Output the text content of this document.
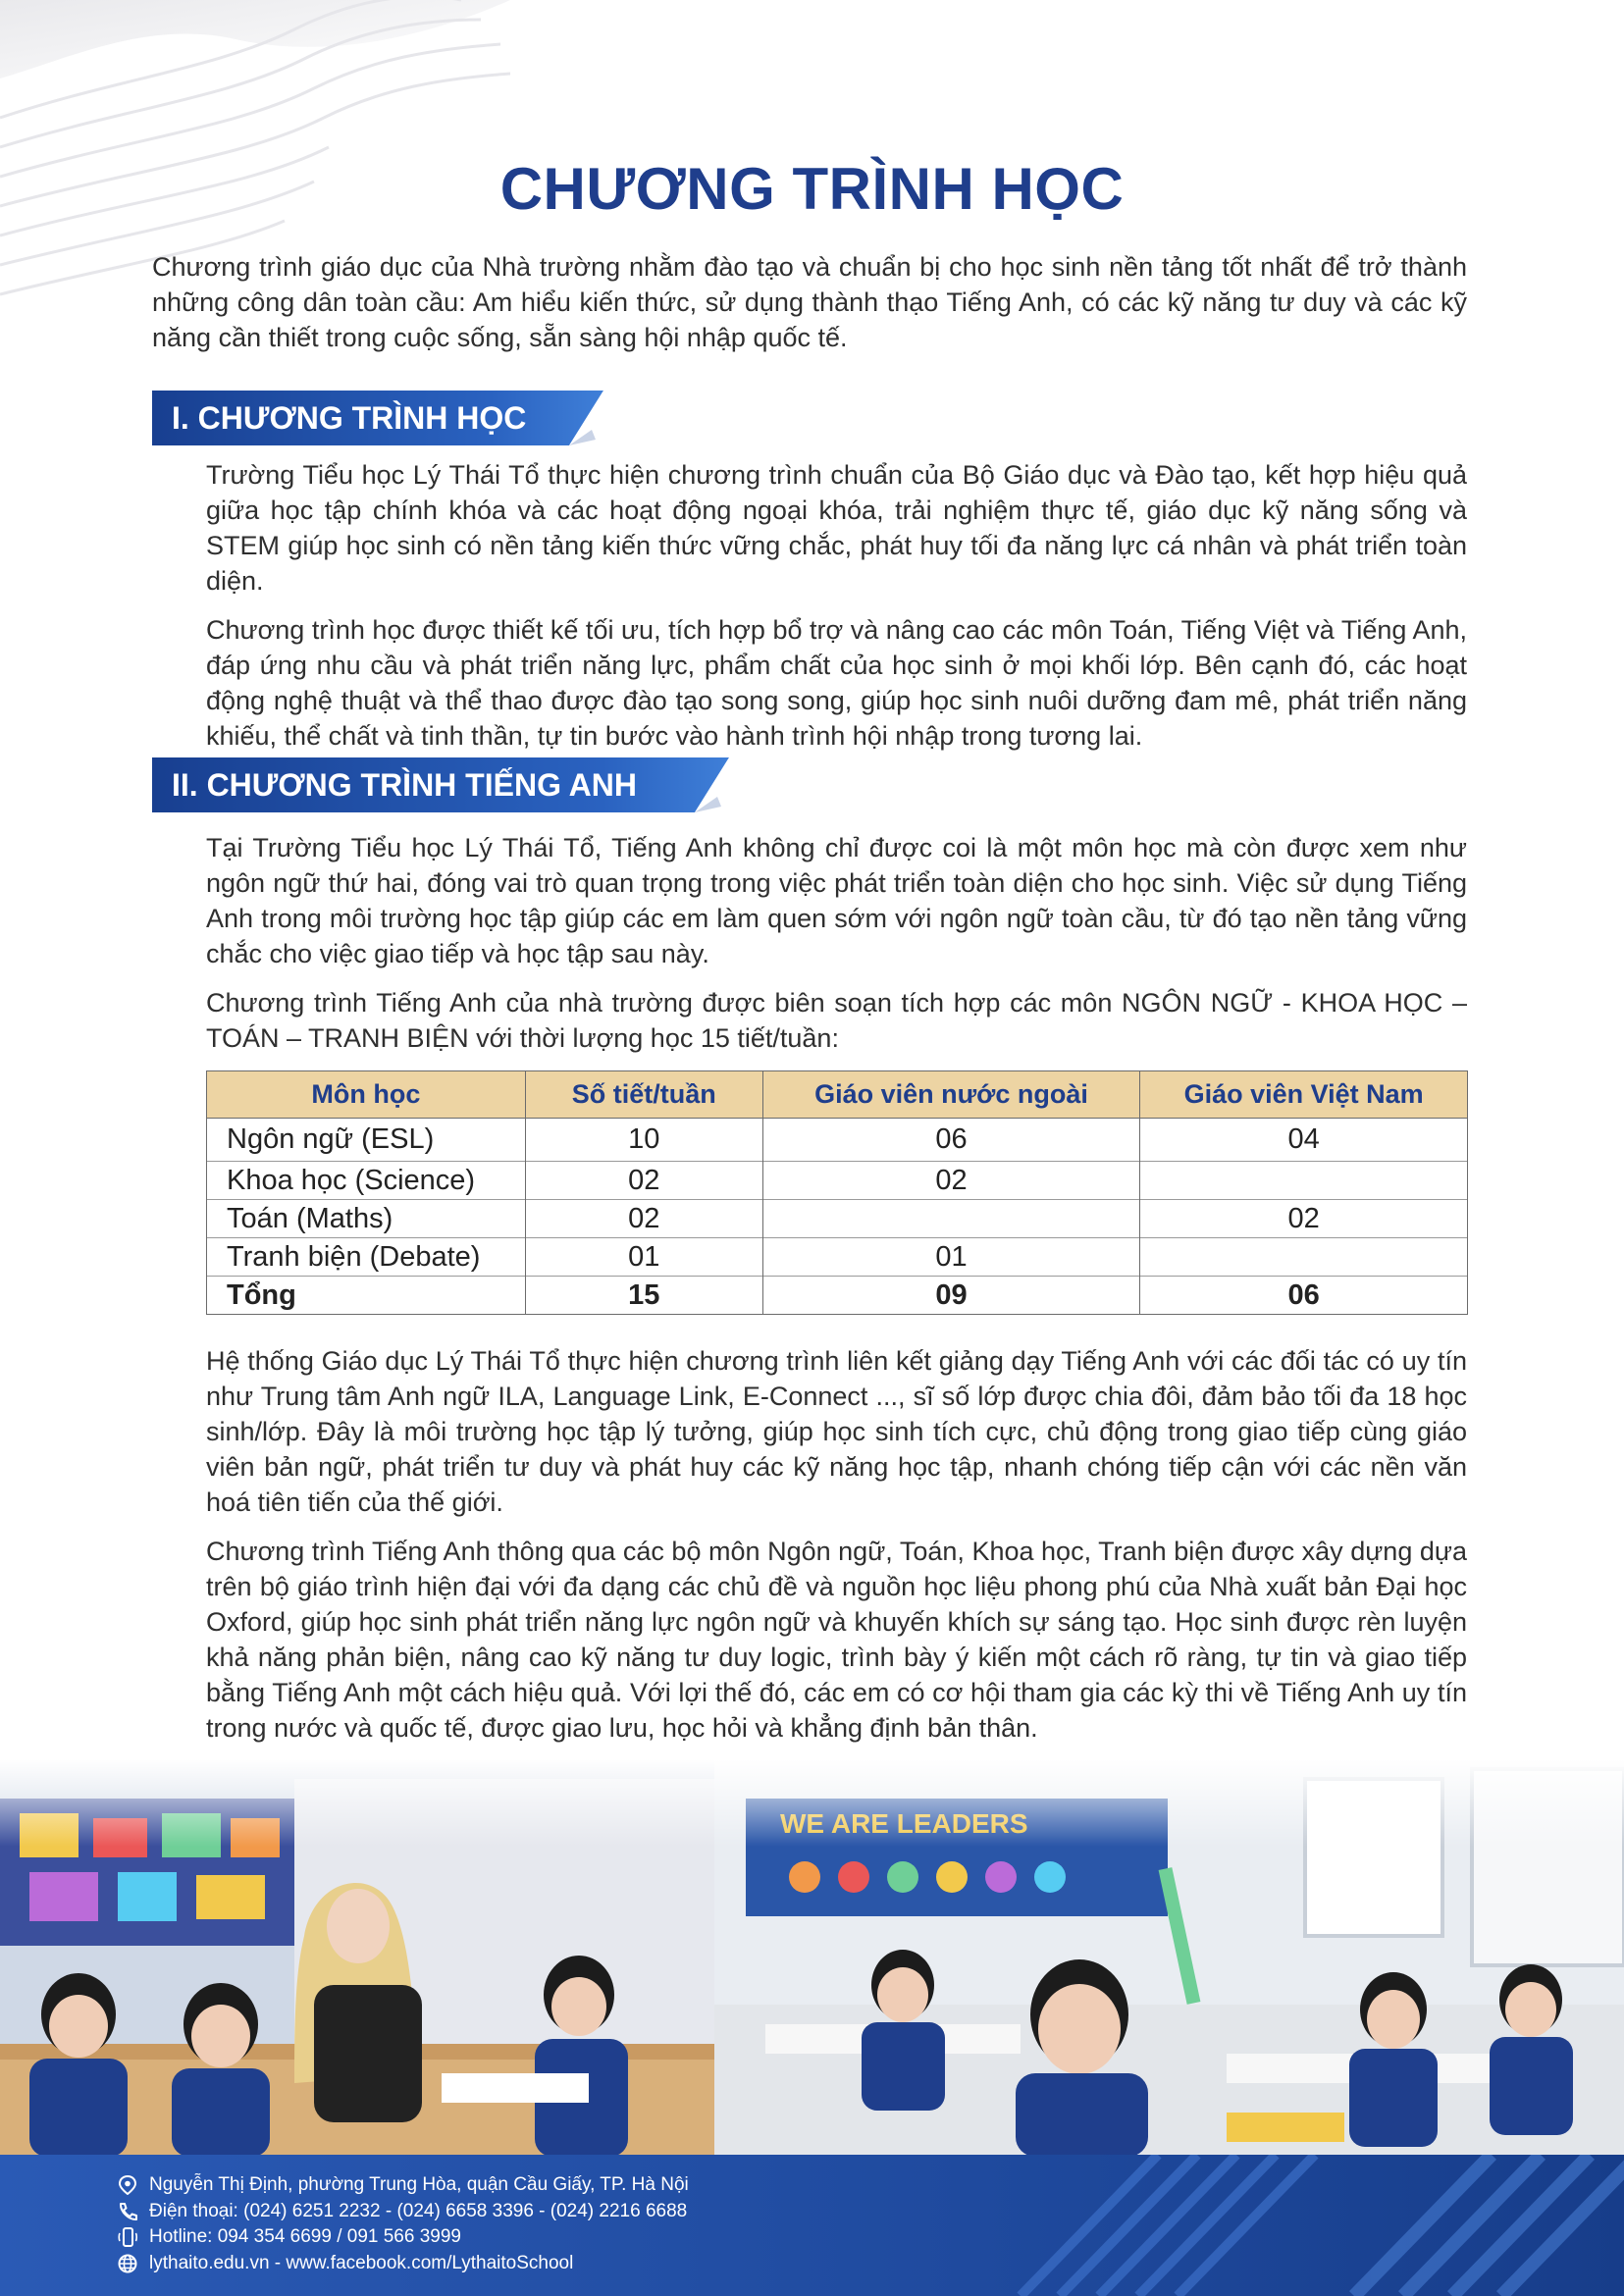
CHƯƠNG TRÌNH HỌC

Chương trình giáo dục của Nhà trường nhằm đào tạo và chuẩn bị cho học sinh nền tảng tốt nhất để trở thành những công dân toàn cầu: Am hiểu kiến thức, sử dụng thành thạo Tiếng Anh, có các kỹ năng tư duy và các kỹ năng cần thiết trong cuộc sống, sẵn sàng hội nhập quốc tế.

I. CHƯƠNG TRÌNH HỌC

Trường Tiểu học Lý Thái Tổ thực hiện chương trình chuẩn của Bộ Giáo dục và Đào tạo, kết hợp hiệu quả giữa học tập chính khóa và các hoạt động ngoại khóa, trải nghiệm thực tế, giáo dục kỹ năng sống và STEM giúp học sinh có nền tảng kiến thức vững chắc, phát huy tối đa năng lực cá nhân và phát triển toàn diện.

Chương trình học được thiết kế tối ưu, tích hợp bổ trợ và nâng cao các môn Toán, Tiếng Việt và Tiếng Anh, đáp ứng nhu cầu và phát triển năng lực, phẩm chất của học sinh ở mọi khối lớp. Bên cạnh đó, các hoạt động nghệ thuật và thể thao được đào tạo song song, giúp học sinh nuôi dưỡng đam mê, phát triển năng khiếu, thể chất và tinh thần, tự tin bước vào hành trình hội nhập trong tương lai.

II. CHƯƠNG TRÌNH TIẾNG ANH

Tại Trường Tiểu học Lý Thái Tổ, Tiếng Anh không chỉ được coi là một môn học mà còn được xem như ngôn ngữ thứ hai, đóng vai trò quan trọng trong việc phát triển toàn diện cho học sinh. Việc sử dụng Tiếng Anh trong môi trường học tập giúp các em làm quen sớm với ngôn ngữ toàn cầu, từ đó tạo nền tảng vững chắc cho việc giao tiếp và học tập sau này.

Chương trình Tiếng Anh của nhà trường được biên soạn tích hợp các môn NGÔN NGỮ - KHOA HỌC – TOÁN – TRANH BIỆN với thời lượng học 15 tiết/tuần:

Môn học	Số tiết/tuần	Giáo viên nước ngoài	Giáo viên Việt Nam
Ngôn ngữ (ESL)	10	06	04
Khoa học (Science)	02	02	
Toán (Maths)	02		02
Tranh biện (Debate)	01	01	
Tổng	15	09	06

Hệ thống Giáo dục Lý Thái Tổ thực hiện chương trình liên kết giảng dạy Tiếng Anh với các đối tác có uy tín như Trung tâm Anh ngữ ILA, Language Link, E-Connect ..., sĩ số lớp được chia đôi, đảm bảo tối đa 18 học sinh/lớp. Đây là môi trường học tập lý tưởng, giúp học sinh tích cực, chủ động trong giao tiếp cùng giáo viên bản ngữ, phát triển tư duy và phát huy các kỹ năng học tập, nhanh chóng tiếp cận với các nền văn hoá tiên tiến của thế giới.

Chương trình Tiếng Anh thông qua các bộ môn Ngôn ngữ, Toán, Khoa học, Tranh biện được xây dựng dựa trên bộ giáo trình hiện đại với đa dạng các chủ đề và nguồn học liệu phong phú của Nhà xuất bản Đại học Oxford, giúp học sinh phát triển năng lực ngôn ngữ và khuyến khích sự sáng tạo. Học sinh được rèn luyện khả năng phản biện, nâng cao kỹ năng tư duy logic, trình bày ý kiến một cách rõ ràng, tự tin và giao tiếp bằng Tiếng Anh một cách hiệu quả. Với lợi thế đó, các em có cơ hội tham gia các kỳ thi về Tiếng Anh uy tín trong nước và quốc tế, được giao lưu, học hỏi và khẳng định bản thân.

Nguyễn Thị Định, phường Trung Hòa, quận Cầu Giấy, TP. Hà Nội
Điện thoại: (024) 6251 2232 - (024) 6658 3396 - (024) 2216 6688
Hotline: 094 354 6699 / 091 566 3999
lythaito.edu.vn - www.facebook.com/LythaitoSchool
